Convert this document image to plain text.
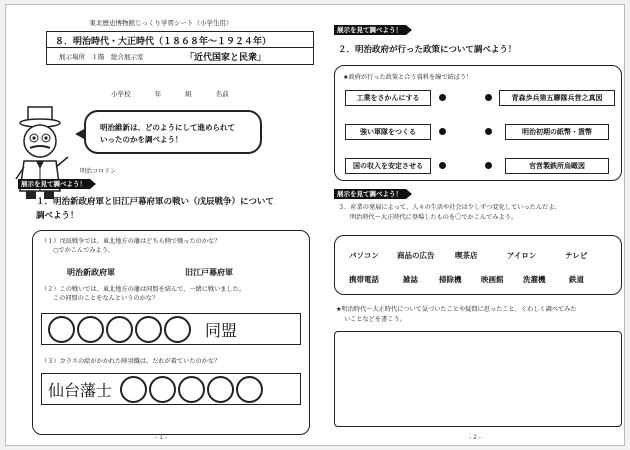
東北歴史博物館じっくり学習シート（小学生用）
８．明治時代・大正時代（１８６８年～１９２４年）
展示場所　１階　総合展示室	「近代国家と民衆」
小学校	年	組	名前
明治維新は、どのようにして進められて
いったのかを調べよう！
明治コロリン
展示を見て調べよう！
１．明治新政府軍と旧江戸幕府軍の戦い（戊辰戦争）について
調べよう！
（１）戊辰戦争では、東北地方の藩はどちら側で戦ったのかな？
○でかこんでみよう。
明治新政府軍	旧江戸幕府軍
（２）この戦いでは、東北地方の藩は同盟を結んで、一緒に戦いました。
この同盟のことをなんというのかな？
同盟
（３）カラスの絵がかかれた陣羽織は、だれが着ていたのかな？
仙台藩士
- 1 -
展示を見て調べよう！
２．明治政府が行った政策について調べよう！
★政府が行った政策と合う資料を線で結ぼう！
工業をさかんにする
強い軍隊をつくる
国の収入を安定させる
青森歩兵第五聯隊兵営之真図
明治初期の紙幣・貨幣
官営製鉄所烏瞰図
展示を見て調べよう！
３．産業の発展によって、人々の生活や社会は少しずつ変化していったんだよ。
明治時代～大正時代に登場したものを〇でかこんでみよう。
パソコン 商品の広告	喫茶店	アイロン	テレビ
携帯電話	雑誌	掃除機	映画館	洗濯機	鉄道
★明治時代～大正時代について気づいたことや疑問に思ったこと、くわしく調べてみた
いことなどを書こう。
- 2 -
